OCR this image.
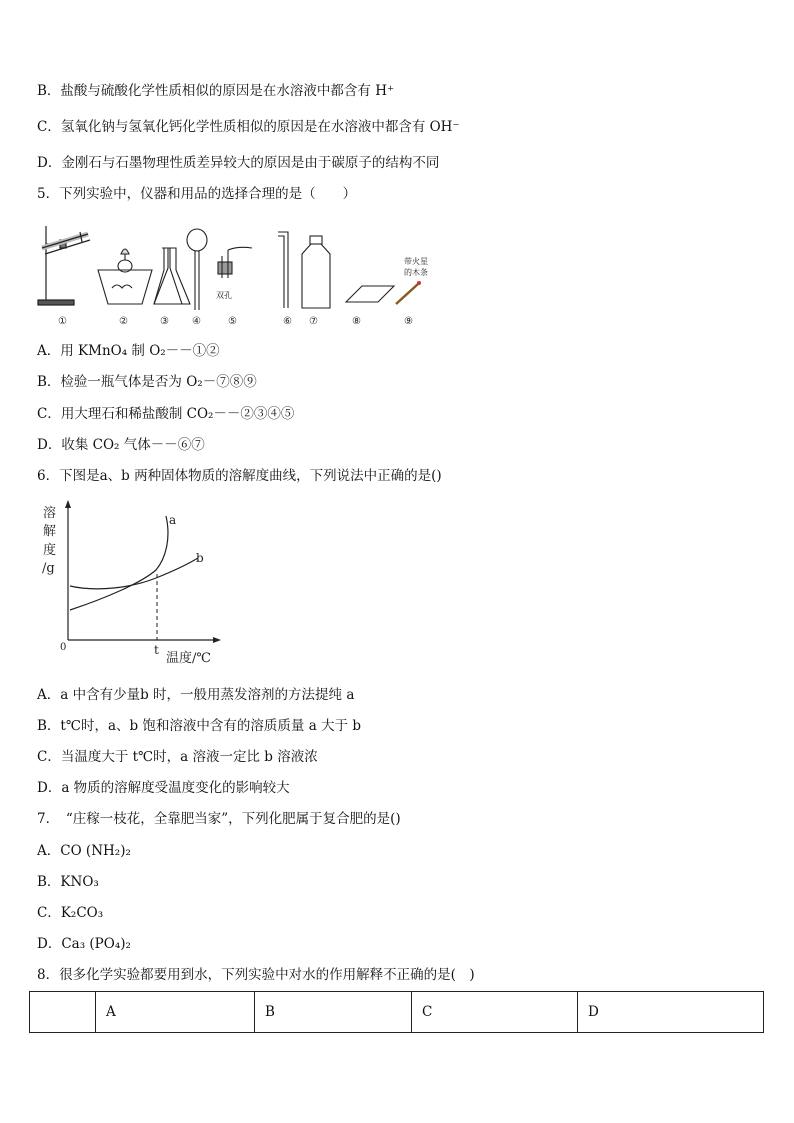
B．盐酸与硫酸化学性质相似的原因是在水溶液中都含有 H⁺
C．氢氧化钠与氢氧化钙化学性质相似的原因是在水溶液中都含有 OH⁻
D．金刚石与石墨物理性质差异较大的原因是由于碳原子的结构不同
5．下列实验中，仪器和用品的选择合理的是（　　）
双孔
带火星
的木条
①	②	③ ④	⑤	⑥ ⑦	⑧	⑨
A．用 KMnO₄ 制 O₂－－①②
B．检验一瓶气体是否为 O₂－⑦⑧⑨
C．用大理石和稀盐酸制 CO₂－－②③④⑤
D．收集 CO₂ 气体－－⑥⑦
6．下图是a、b 两种固体物质的溶解度曲线，下列说法中正确的是()
溶
解
度
/g
a
b
0	t
温度/℃
A．a 中含有少量b 时，一般用蒸发溶剂的方法提纯 a
B．t℃时，a、b 饱和溶液中含有的溶质质量 a 大于 b
C．当温度大于 t℃时，a 溶液一定比 b 溶液浓
D．a 物质的溶解度受温度变化的影响较大
7．　“庄稼一枝花，全靠肥当家”，下列化肥属于复合肥的是()
A．CO (NH₂)₂
B．KNO₃
C．K₂CO₃
D．Ca₃ (PO₄)₂
8．很多化学实验都要用到水，下列实验中对水的作用解释不正确的是(　)
	A	B	C	D
